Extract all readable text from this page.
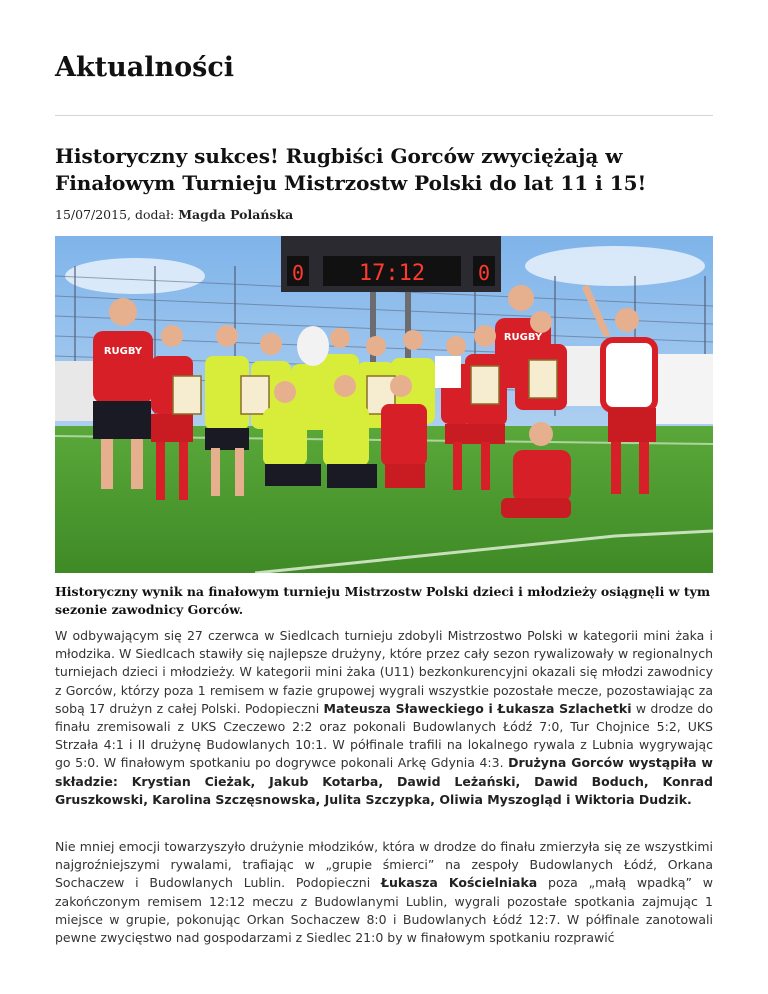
Aktualności
Historyczny sukces! Rugbiści Gorców zwyciężają w Finałowym Turnieju Mistrzostw Polski do lat 11 i 15!
15/07/2015, dodał: Magda Polańska
0 17:12	0
RUGBY
RUGBY

Historyczny wynik na finałowym turnieju Mistrzostw Polski dzieci i młodzieży osiągnęli w tym sezonie zawodnicy Gorców.

W odbywającym się 27 czerwca w Siedlcach turnieju zdobyli Mistrzostwo Polski w kategorii mini żaka i młodzika. W Siedlcach stawiły się najlepsze drużyny, które przez cały sezon rywalizowały w regionalnych turniejach dzieci i młodzieży. W kategorii mini żaka (U11) bezkonkurencyjni okazali się młodzi zawodnicy z Gorców, którzy poza 1 remisem w fazie grupowej wygrali wszystkie pozostałe mecze, pozostawiając za sobą 17 drużyn z całej Polski. Podopieczni Mateusza Sławeckiego i Łukasza Szlachetki w drodze do finału zremisowali z UKS Czeczewo 2:2 oraz pokonali Budowlanych Łódź 7:0, Tur Chojnice 5:2, UKS Strzała 4:1 i II drużynę Budowlanych 10:1. W półfinale trafili na lokalnego rywala z Lubnia wygrywając go 5:0. W finałowym spotkaniu po dogrywce pokonali Arkę Gdynia 4:3. Drużyna Gorców wystąpiła w składzie: Krystian Cieżak, Jakub Kotarba, Dawid Leżański, Dawid Boduch, Konrad Gruszkowski, Karolina Szczęsnowska, Julita Szczypka, Oliwia Myszogląd i Wiktoria Dudzik.

Nie mniej emocji towarzyszyło drużynie młodzików, która w drodze do finału zmierzyła się ze wszystkimi najgroźniejszymi rywalami, trafiając w „grupie śmierci” na zespoły Budowlanych Łódź, Orkana Sochaczew i Budowlanych Lublin. Podopieczni Łukasza Kościelniaka poza „małą wpadką” w zakończonym remisem 12:12 meczu z Budowlanymi Lublin, wygrali pozostałe spotkania zajmując 1 miejsce w grupie, pokonując Orkan Sochaczew 8:0 i Budowlanych Łódź 12:7. W półfinale zanotowali pewne zwycięstwo nad gospodarzami z Siedlec 21:0 by w finałowym spotkaniu rozprawić
